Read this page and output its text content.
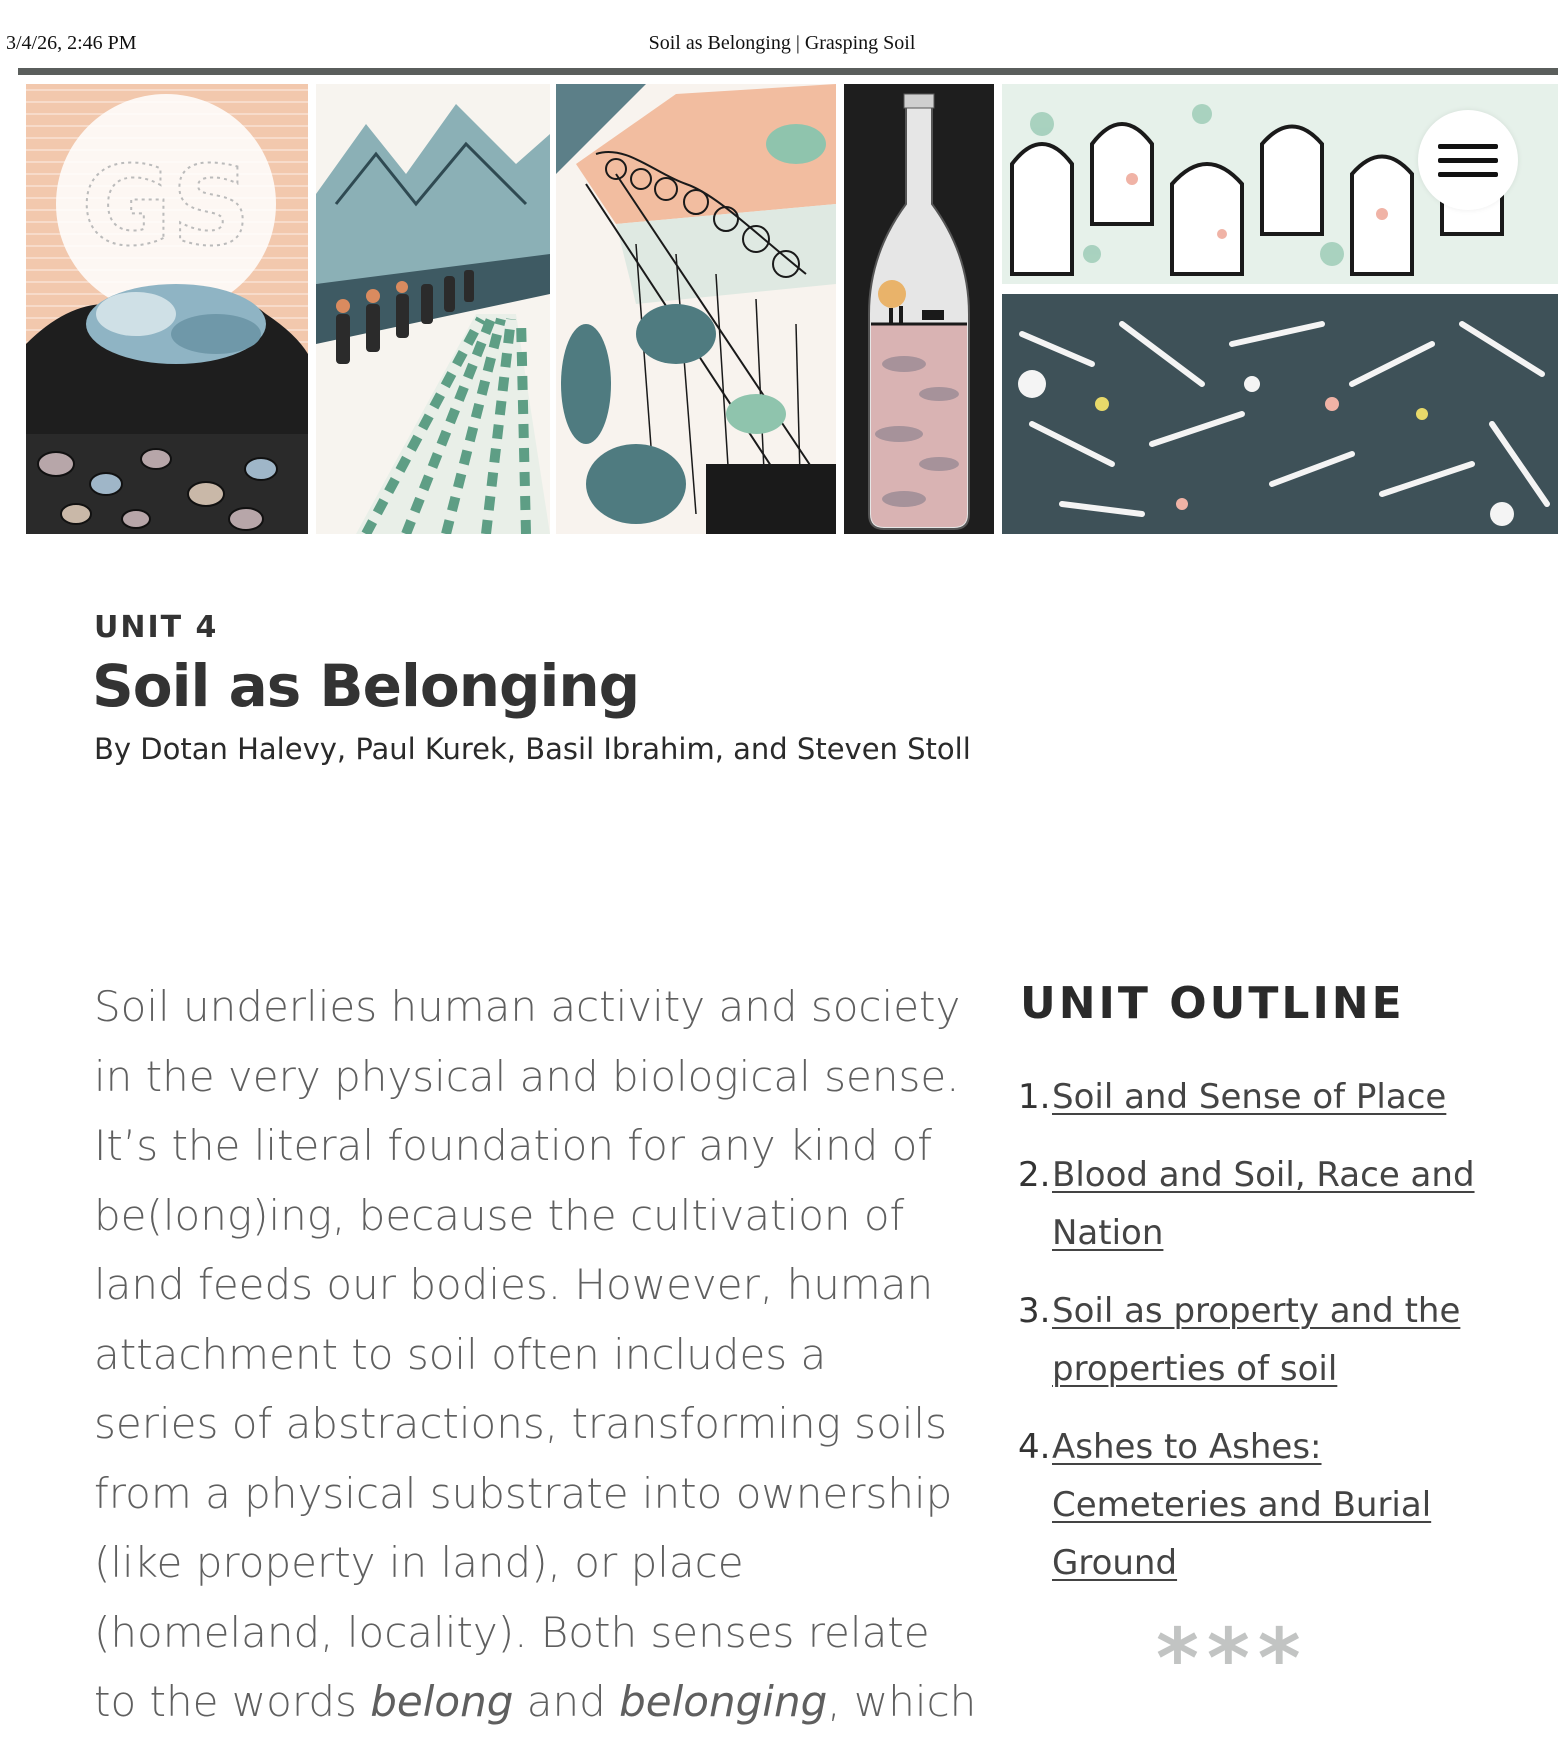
3/4/26, 2:46 PM	Soil as Belonging | Grasping Soil
GS
UNIT 4
Soil as Belonging
By Dotan Halevy, Paul Kurek, Basil Ibrahim, and Steven Stoll
Soil underlies human activity and society
in the very physical and biological sense.
It’s the literal foundation for any kind of
be(long)ing, because the cultivation of
land feeds our bodies. However, human
attachment to soil often includes a
series of abstractions, transforming soils
from a physical substrate into ownership
(like property in land), or place
(homeland, locality). Both senses relate
to the words belong and belonging, which
UNIT OUTLINE
1. Soil and Sense of Place
2. Blood and Soil, Race and Nation
3. Soil as property and the properties of soil
4. Ashes to Ashes: Cemeteries and Burial Ground
***
